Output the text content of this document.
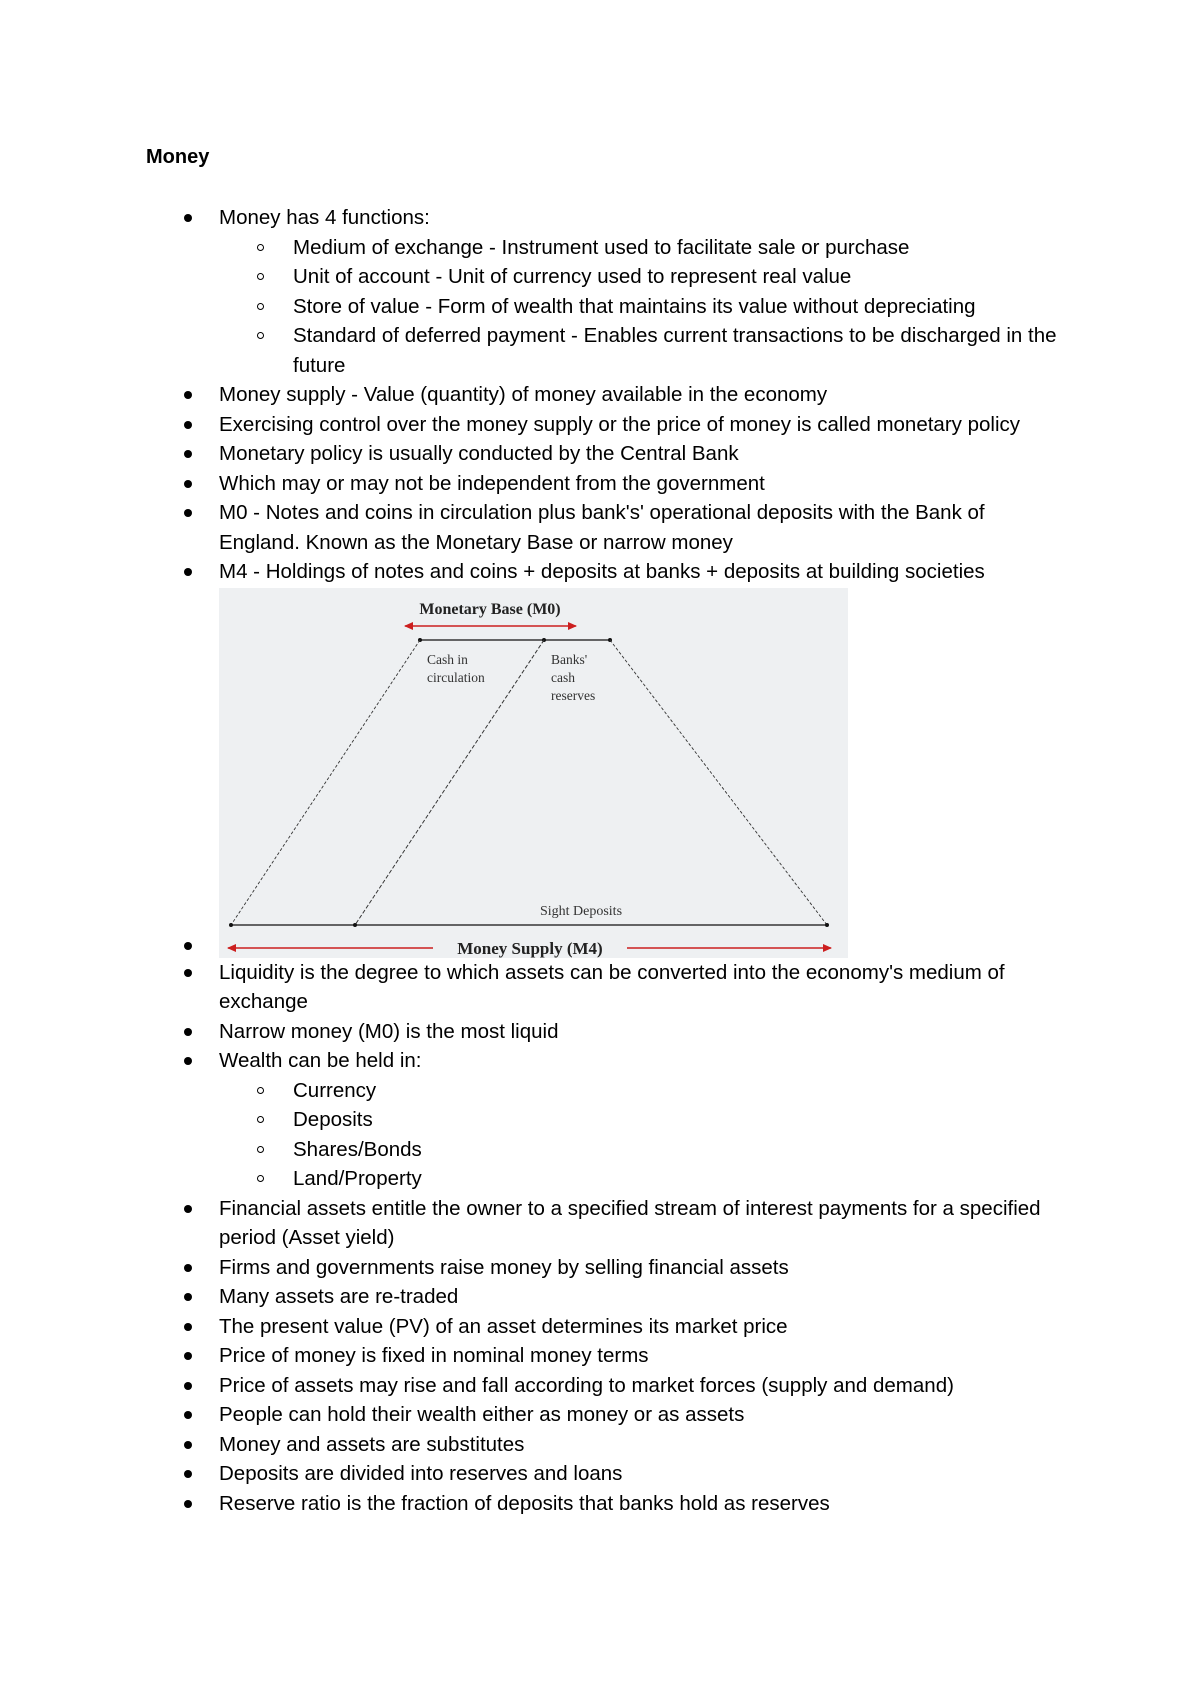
Money
Money has 4 functions:
Medium of exchange - Instrument used to facilitate sale or purchase
Unit of account - Unit of currency used to represent real value
Store of value - Form of wealth that maintains its value without depreciating
Standard of deferred payment - Enables current transactions to be discharged in the future
Money supply - Value (quantity) of money available in the economy
Exercising control over the money supply or the price of money is called monetary policy
Monetary policy is usually conducted by the Central Bank
Which may or may not be independent from the government
M0 - Notes and coins in circulation plus bank's' operational deposits with the Bank of England. Known as the Monetary Base or narrow money
M4 - Holdings of notes and coins + deposits at banks + deposits at building societies
Monetary Base (M0)
Cash in
circulation
Banks'
cash
reserves
Sight Deposits
Money Supply (M4)
Liquidity is the degree to which assets can be converted into the economy's medium of exchange
Narrow money (M0) is the most liquid
Wealth can be held in:
Currency
Deposits
Shares/Bonds
Land/Property
Financial assets entitle the owner to a specified stream of interest payments for a specified period (Asset yield)
Firms and governments raise money by selling financial assets
Many assets are re-traded
The present value (PV) of an asset determines its market price
Price of money is fixed in nominal money terms
Price of assets may rise and fall according to market forces (supply and demand)
People can hold their wealth either as money or as assets
Money and assets are substitutes
Deposits are divided into reserves and loans
Reserve ratio is the fraction of deposits that banks hold as reserves
